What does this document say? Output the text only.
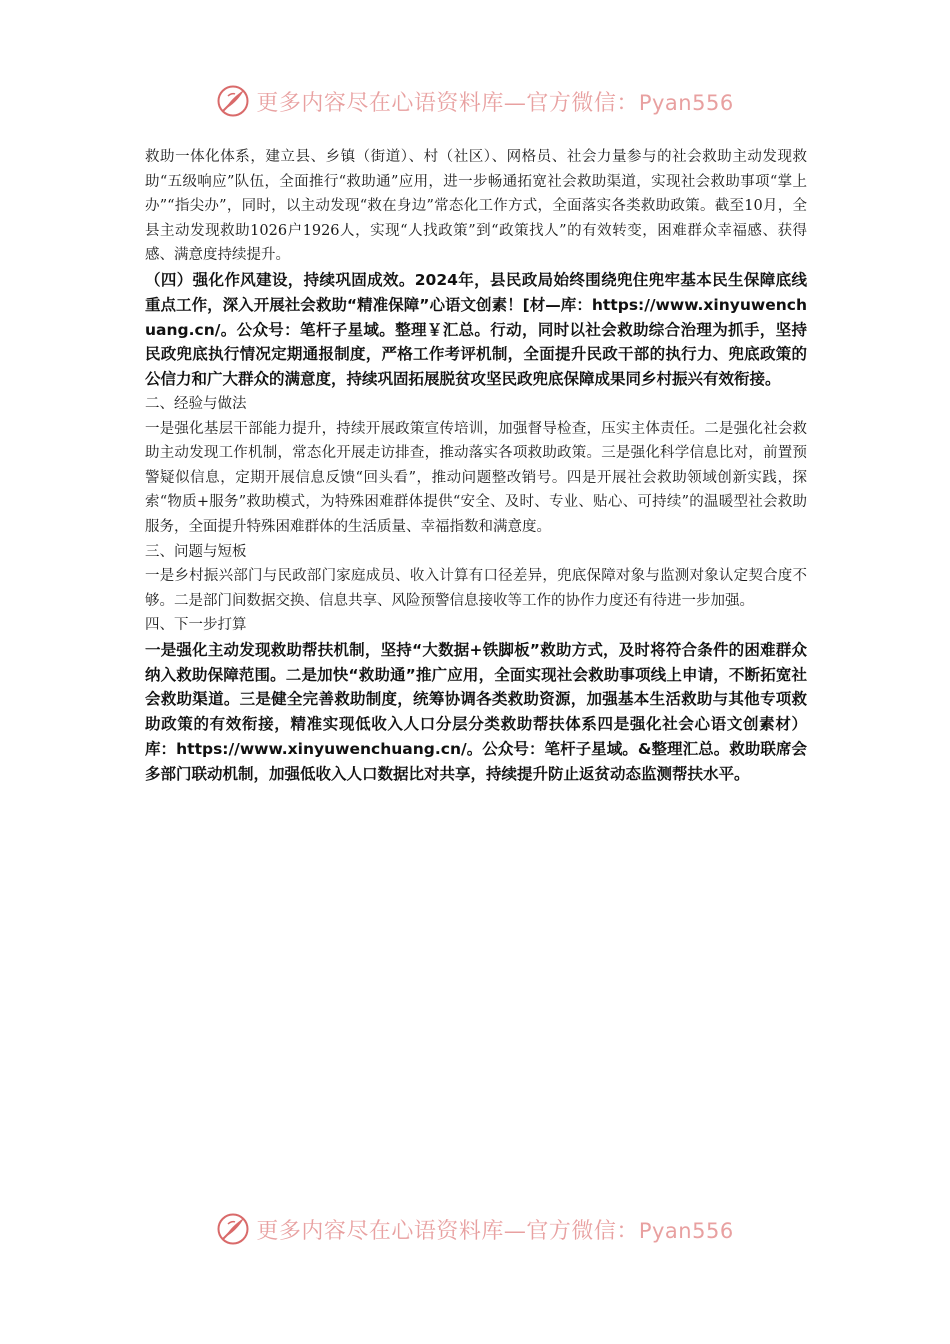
更多内容尽在心语资料库—官方微信：Pyan556

救助一体化体系，建立县、乡镇（街道）、村（社区）、网格员、社会力量参与的社会救助主动发现救助“五级响应”队伍，全面推行“救助通”应用，进一步畅通拓宽社会救助渠道，实现社会救助事项“掌上办”“指尖办”，同时，以主动发现“救在身边”常态化工作方式，全面落实各类救助政策。截至10月，全县主动发现救助1026户1926人，实现“人找政策”到“政策找人”的有效转变，困难群众幸福感、获得感、满意度持续提升。

（四）强化作风建设，持续巩固成效。2024年，县民政局始终围绕兜住兜牢基本民生保障底线重点工作，深入开展社会救助“精准保障”心语文创素！[材—库：https://www.xinyuwenchuang.cn/。公众号：笔杆子星域。整理￥汇总。行动，同时以社会救助综合治理为抓手，坚持民政兜底执行情况定期通报制度，严格工作考评机制，全面提升民政干部的执行力、兜底政策的公信力和广大群众的满意度，持续巩固拓展脱贫攻坚民政兜底保障成果同乡村振兴有效衔接。

二、经验与做法

一是强化基层干部能力提升，持续开展政策宣传培训，加强督导检查，压实主体责任。二是强化社会救助主动发现工作机制，常态化开展走访排查，推动落实各项救助政策。三是强化科学信息比对，前置预警疑似信息，定期开展信息反馈“回头看”，推动问题整改销号。四是开展社会救助领域创新实践，探索“物质+服务”救助模式，为特殊困难群体提供“安全、及时、专业、贴心、可持续”的温暖型社会救助服务，全面提升特殊困难群体的生活质量、幸福指数和满意度。

三、问题与短板

一是乡村振兴部门与民政部门家庭成员、收入计算有口径差异，兜底保障对象与监测对象认定契合度不够。二是部门间数据交换、信息共享、风险预警信息接收等工作的协作力度还有待进一步加强。

四、下一步打算

一是强化主动发现救助帮扶机制，坚持“大数据+铁脚板”救助方式，及时将符合条件的困难群众纳入救助保障范围。二是加快“救助通”推广应用，全面实现社会救助事项线上申请，不断拓宽社会救助渠道。三是健全完善救助制度，统筹协调各类救助资源，加强基本生活救助与其他专项救助政策的有效衔接，精准实现低收入人口分层分类救助帮扶体系四是强化社会心语文创素材）库：https://www.xinyuwenchuang.cn/。公众号：笔杆子星域。&整理汇总。救助联席会多部门联动机制，加强低收入人口数据比对共享，持续提升防止返贫动态监测帮扶水平。

更多内容尽在心语资料库—官方微信：Pyan556
